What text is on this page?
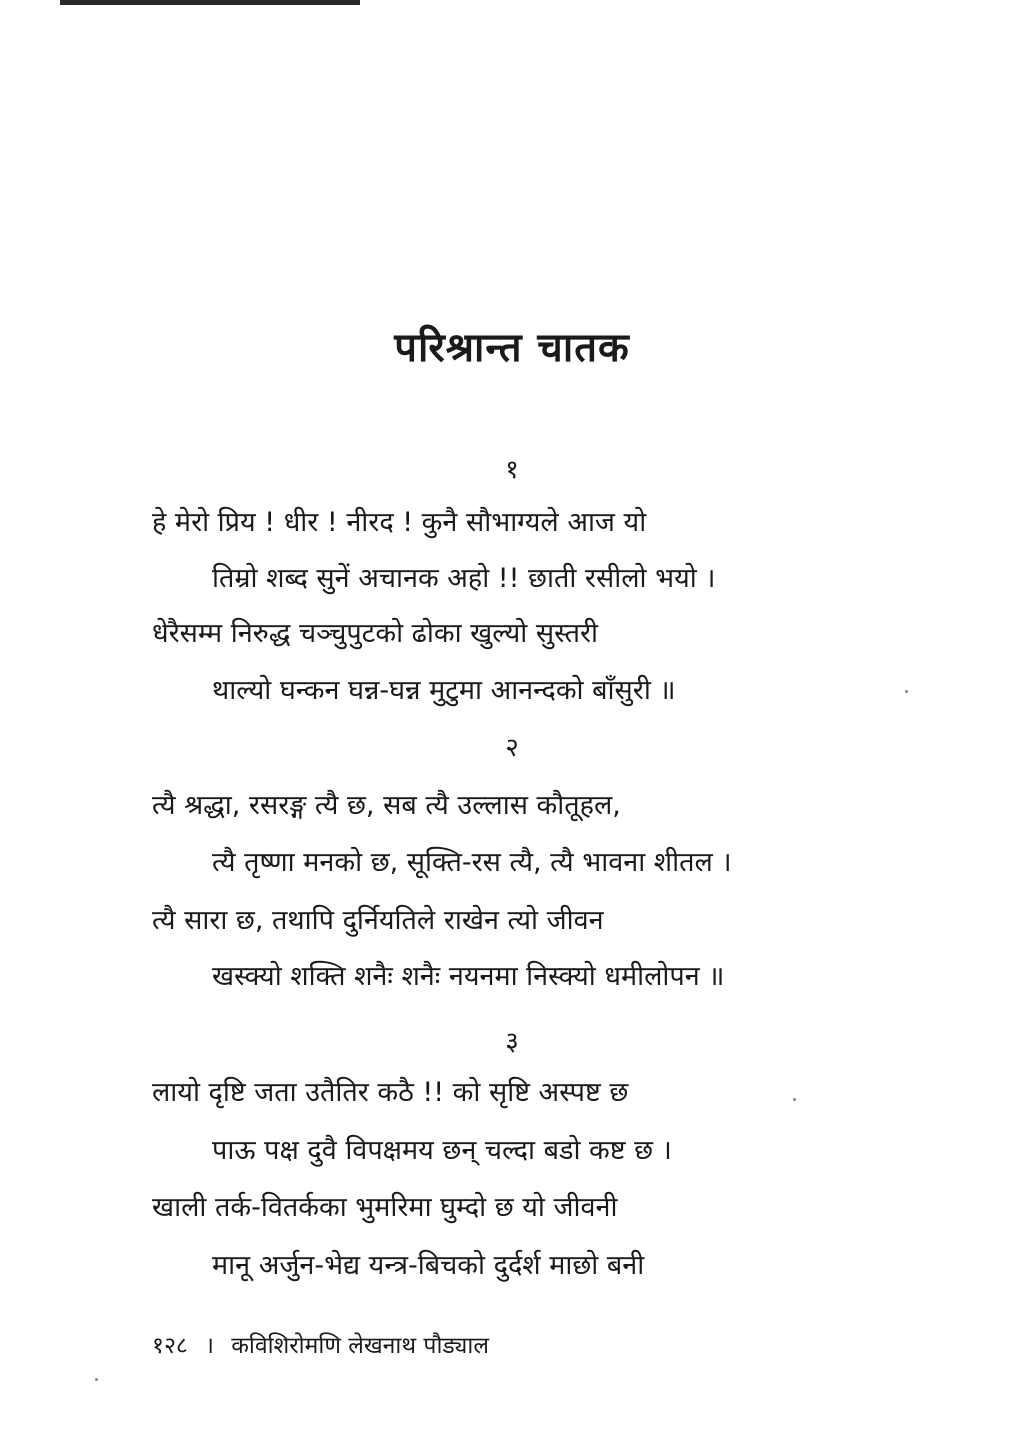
परिश्रान्त चातक
१
हे मेरो प्रिय ! धीर ! नीरद ! कुनै सौभाग्यले आज यो
तिम्रो शब्द सुनें अचानक अहो !! छाती रसीलो भयो ।
धेरैसम्म निरुद्ध चञ्चुपुटको ढोका खुल्यो सुस्तरी
थाल्यो घन्कन घन्न-घन्न मुटुमा आनन्दको बाँसुरी ॥
२
त्यै श्रद्धा, रसरङ्ग त्यै छ, सब त्यै उल्लास कौतूहल,
त्यै तृष्णा मनको छ, सूक्ति-रस त्यै, त्यै भावना शीतल ।
त्यै सारा छ, तथापि दुर्नियतिले राखेन त्यो जीवन
खस्क्यो शक्ति शनैः शनैः नयनमा निस्क्यो धमीलोपन ॥
३
लायो दृष्टि जता उतैतिर कठै !! को सृष्टि अस्पष्ट छ
पाऊ पक्ष दुवै विपक्षमय छन् चल्दा बडो कष्ट छ ।
खाली तर्क-वितर्कका भुमरिमा घुम्दो छ यो जीवनी
मानू अर्जुन-भेद्य यन्त्र-बिचको दुर्दर्श माछो बनी
१२८ । कविशिरोमणि लेखनाथ पौड्याल
